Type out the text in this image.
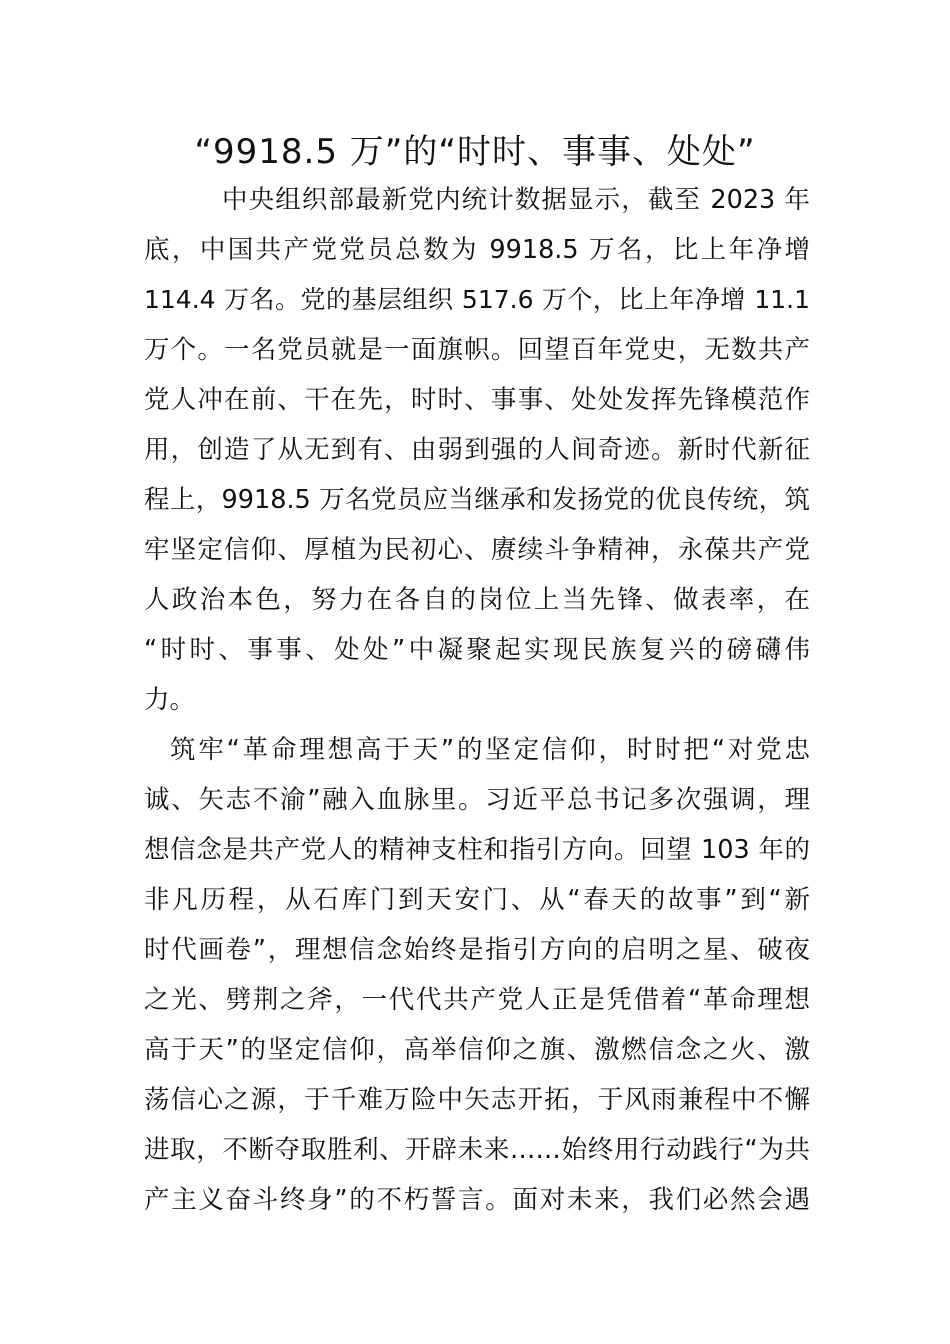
“9918.5 万”的“时时、事事、处处”
中央组织部最新党内统计数据显示，截至 2023 年
底，中国共产党党员总数为 9918.5 万名，比上年净增
114.4 万名。党的基层组织 517.6 万个，比上年净增 11.1
万个。一名党员就是一面旗帜。回望百年党史，无数共产
党人冲在前、干在先，时时、事事、处处发挥先锋模范作
用，创造了从无到有、由弱到强的人间奇迹。新时代新征
程上，9918.5 万名党员应当继承和发扬党的优良传统，筑
牢坚定信仰、厚植为民初心、赓续斗争精神，永葆共产党
人政治本色，努力在各自的岗位上当先锋、做表率，在
“时时、事事、处处”中凝聚起实现民族复兴的磅礴伟
力。
筑牢“革命理想高于天”的坚定信仰，时时把“对党忠
诚、矢志不渝”融入血脉里。习近平总书记多次强调，理
想信念是共产党人的精神支柱和指引方向。回望 103 年的
非凡历程，从石库门到天安门、从“春天的故事”到“新
时代画卷”，理想信念始终是指引方向的启明之星、破夜
之光、劈荆之斧，一代代共产党人正是凭借着“革命理想
高于天”的坚定信仰，高举信仰之旗、激燃信念之火、激
荡信心之源，于千难万险中矢志开拓，于风雨兼程中不懈
进取，不断夺取胜利、开辟未来……始终用行动践行“为共
产主义奋斗终身”的不朽誓言。面对未来，我们必然会遇
